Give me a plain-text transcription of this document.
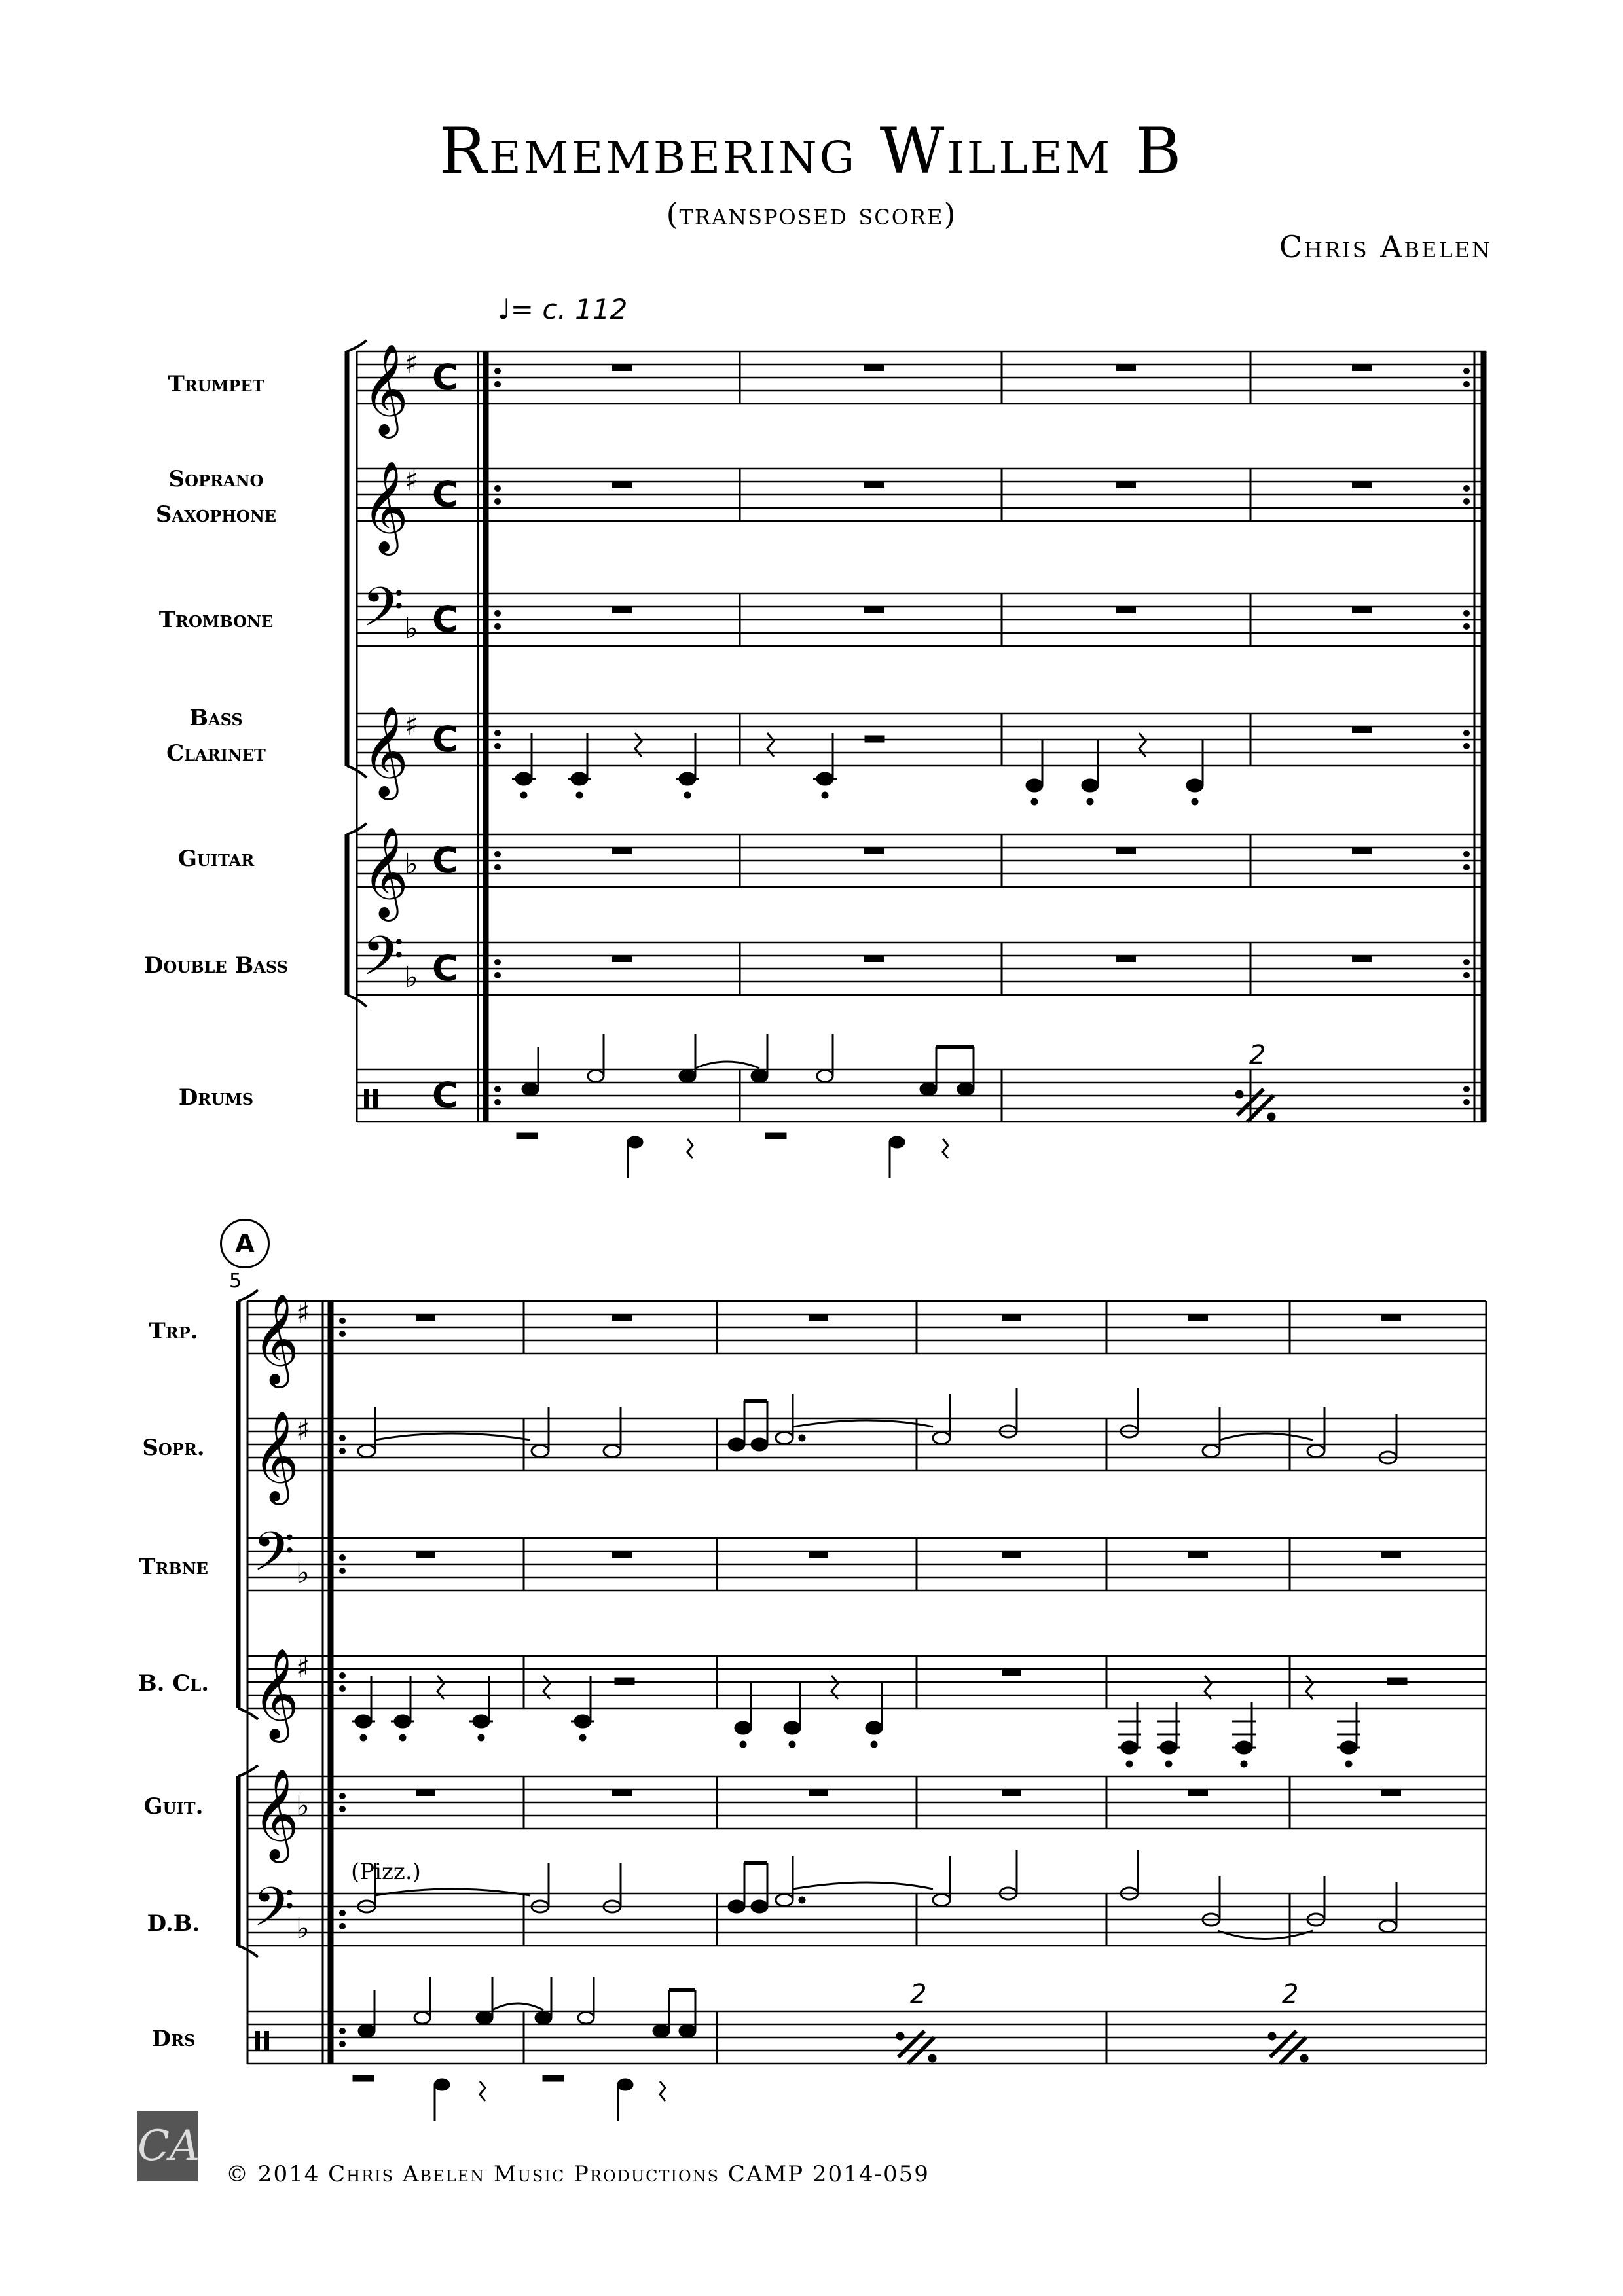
Remembering Willem B
(transposed score)
Chris Abelen
♩= c. 112
Trumpet
Soprano
Saxophone
Trombone
Bass
Clarinet
Guitar
Double Bass
Drums
A
5
Trp.
Sopr.
Trbne
B. Cl.
Guit.
D.B.
Drs
(Pizz.)
𝄞
𝄞
𝄢
𝄞
𝄞
𝄢
♯
♯
♭
♯
♭
♭
C
C
C
C
C
C
C
2
𝄞
𝄞
𝄢
𝄞
𝄞
𝄢
♯
♯
♭
♯
♭
♭
2	2
CA
© 2014 Chris Abelen Music Productions CAMP 2014-059
